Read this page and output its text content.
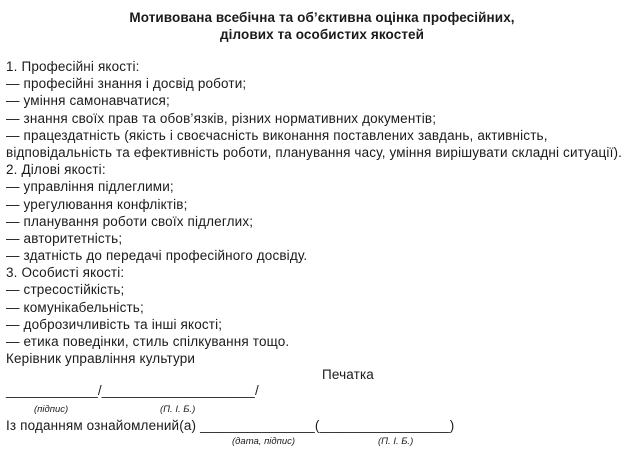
Мотивована всебічна та об’єктивна оцінка професійних,
ділових та особистих якостей
1. Професійні якості:
— професійні знання і досвід роботи;
— уміння самонавчатися;
— знання своїх прав та обов’язків, різних нормативних документів;
— працездатність (якість і своєчасність виконання поставлених завдань, активність,
відповідальність та ефективність роботи, планування часу, уміння вирішувати складні ситуації).
2. Ділові якості:
— управління підлеглими;
— урегулювання конфліктів;
— планування роботи своїх підлеглих;
— авторитетність;
— здатність до передачі професійного досвіду.
3. Особисті якості:
— стресостійкість;
— комунікабельність;
— доброзичливість та інші якості;
— етика поведінки, стиль спілкування тощо.
Керівник управління культури
Печатка
____________/____________________/
(підпис)	(П. І. Б.)
Із поданням ознайомлений(а) _______________(_________________)
(дата, підпис)	(П. І. Б.)
